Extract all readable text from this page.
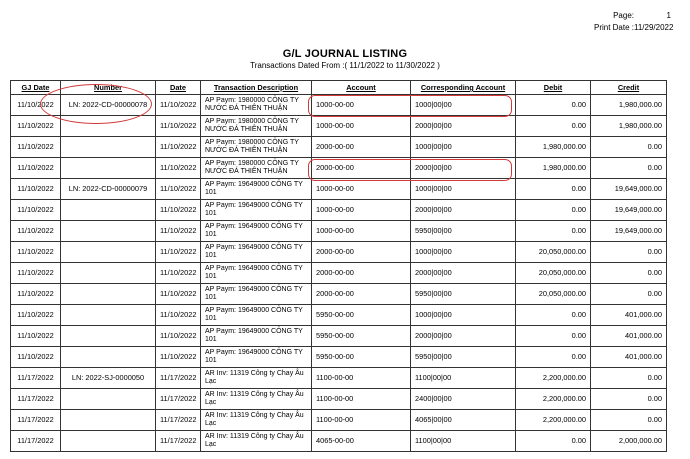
Page:	1
Print Date : 11/29/2022
G/L JOURNAL LISTING
Transactions Dated From :( 11/1/2022 to 11/30/2022 )
GJ Date	Number	Date	Transaction Description	Account	Corresponding Account	Debit	Credit
11/10/2022	LN: 2022-CD-00000078	11/10/2022	AP Paym: 1980000 CÔNG TY
NƯỚC ĐÁ THIÊN THUẬN	1000-00-00	1000|00|00	0.00	1,980,000.00
11/10/2022		11/10/2022	AP Paym: 1980000 CÔNG TY
NƯỚC ĐÁ THIÊN THUẬN	1000-00-00	2000|00|00	0.00	1,980,000.00
11/10/2022		11/10/2022	AP Paym: 1980000 CÔNG TY
NƯỚC ĐÁ THIÊN THUẬN	2000-00-00	1000|00|00	1,980,000.00	0.00
11/10/2022		11/10/2022	AP Paym: 1980000 CÔNG TY
NƯỚC ĐÁ THIÊN THUẬN	2000-00-00	2000|00|00	1,980,000.00	0.00
11/10/2022	LN: 2022-CD-00000079	11/10/2022	AP Paym: 19649000 CÔNG TY
101	1000-00-00	1000|00|00	0.00	19,649,000.00
11/10/2022		11/10/2022	AP Paym: 19649000 CÔNG TY
101	1000-00-00	2000|00|00	0.00	19,649,000.00
11/10/2022		11/10/2022	AP Paym: 19649000 CÔNG TY
101	1000-00-00	5950|00|00	0.00	19,649,000.00
11/10/2022		11/10/2022	AP Paym: 19649000 CÔNG TY
101	2000-00-00	1000|00|00	20,050,000.00	0.00
11/10/2022		11/10/2022	AP Paym: 19649000 CÔNG TY
101	2000-00-00	2000|00|00	20,050,000.00	0.00
11/10/2022		11/10/2022	AP Paym: 19649000 CÔNG TY
101	2000-00-00	5950|00|00	20,050,000.00	0.00
11/10/2022		11/10/2022	AP Paym: 19649000 CÔNG TY
101	5950-00-00	1000|00|00	0.00	401,000.00
11/10/2022		11/10/2022	AP Paym: 19649000 CÔNG TY
101	5950-00-00	2000|00|00	0.00	401,000.00
11/10/2022		11/10/2022	AP Paym: 19649000 CÔNG TY
101	5950-00-00	5950|00|00	0.00	401,000.00
11/17/2022	LN: 2022-SJ-0000050	11/17/2022	AR Inv: 11319 Công ty Chay Âu
Lạc	1100-00-00	1100|00|00	2,200,000.00	0.00
11/17/2022		11/17/2022	AR Inv: 11319 Công ty Chay Âu
Lạc	1100-00-00	2400|00|00	2,200,000.00	0.00
11/17/2022		11/17/2022	AR Inv: 11319 Công ty Chay Âu
Lạc	1100-00-00	4065|00|00	2,200,000.00	0.00
11/17/2022		11/17/2022	AR Inv: 11319 Công ty Chay Âu
Lạc	4065-00-00	1100|00|00	0.00	2,000,000.00
